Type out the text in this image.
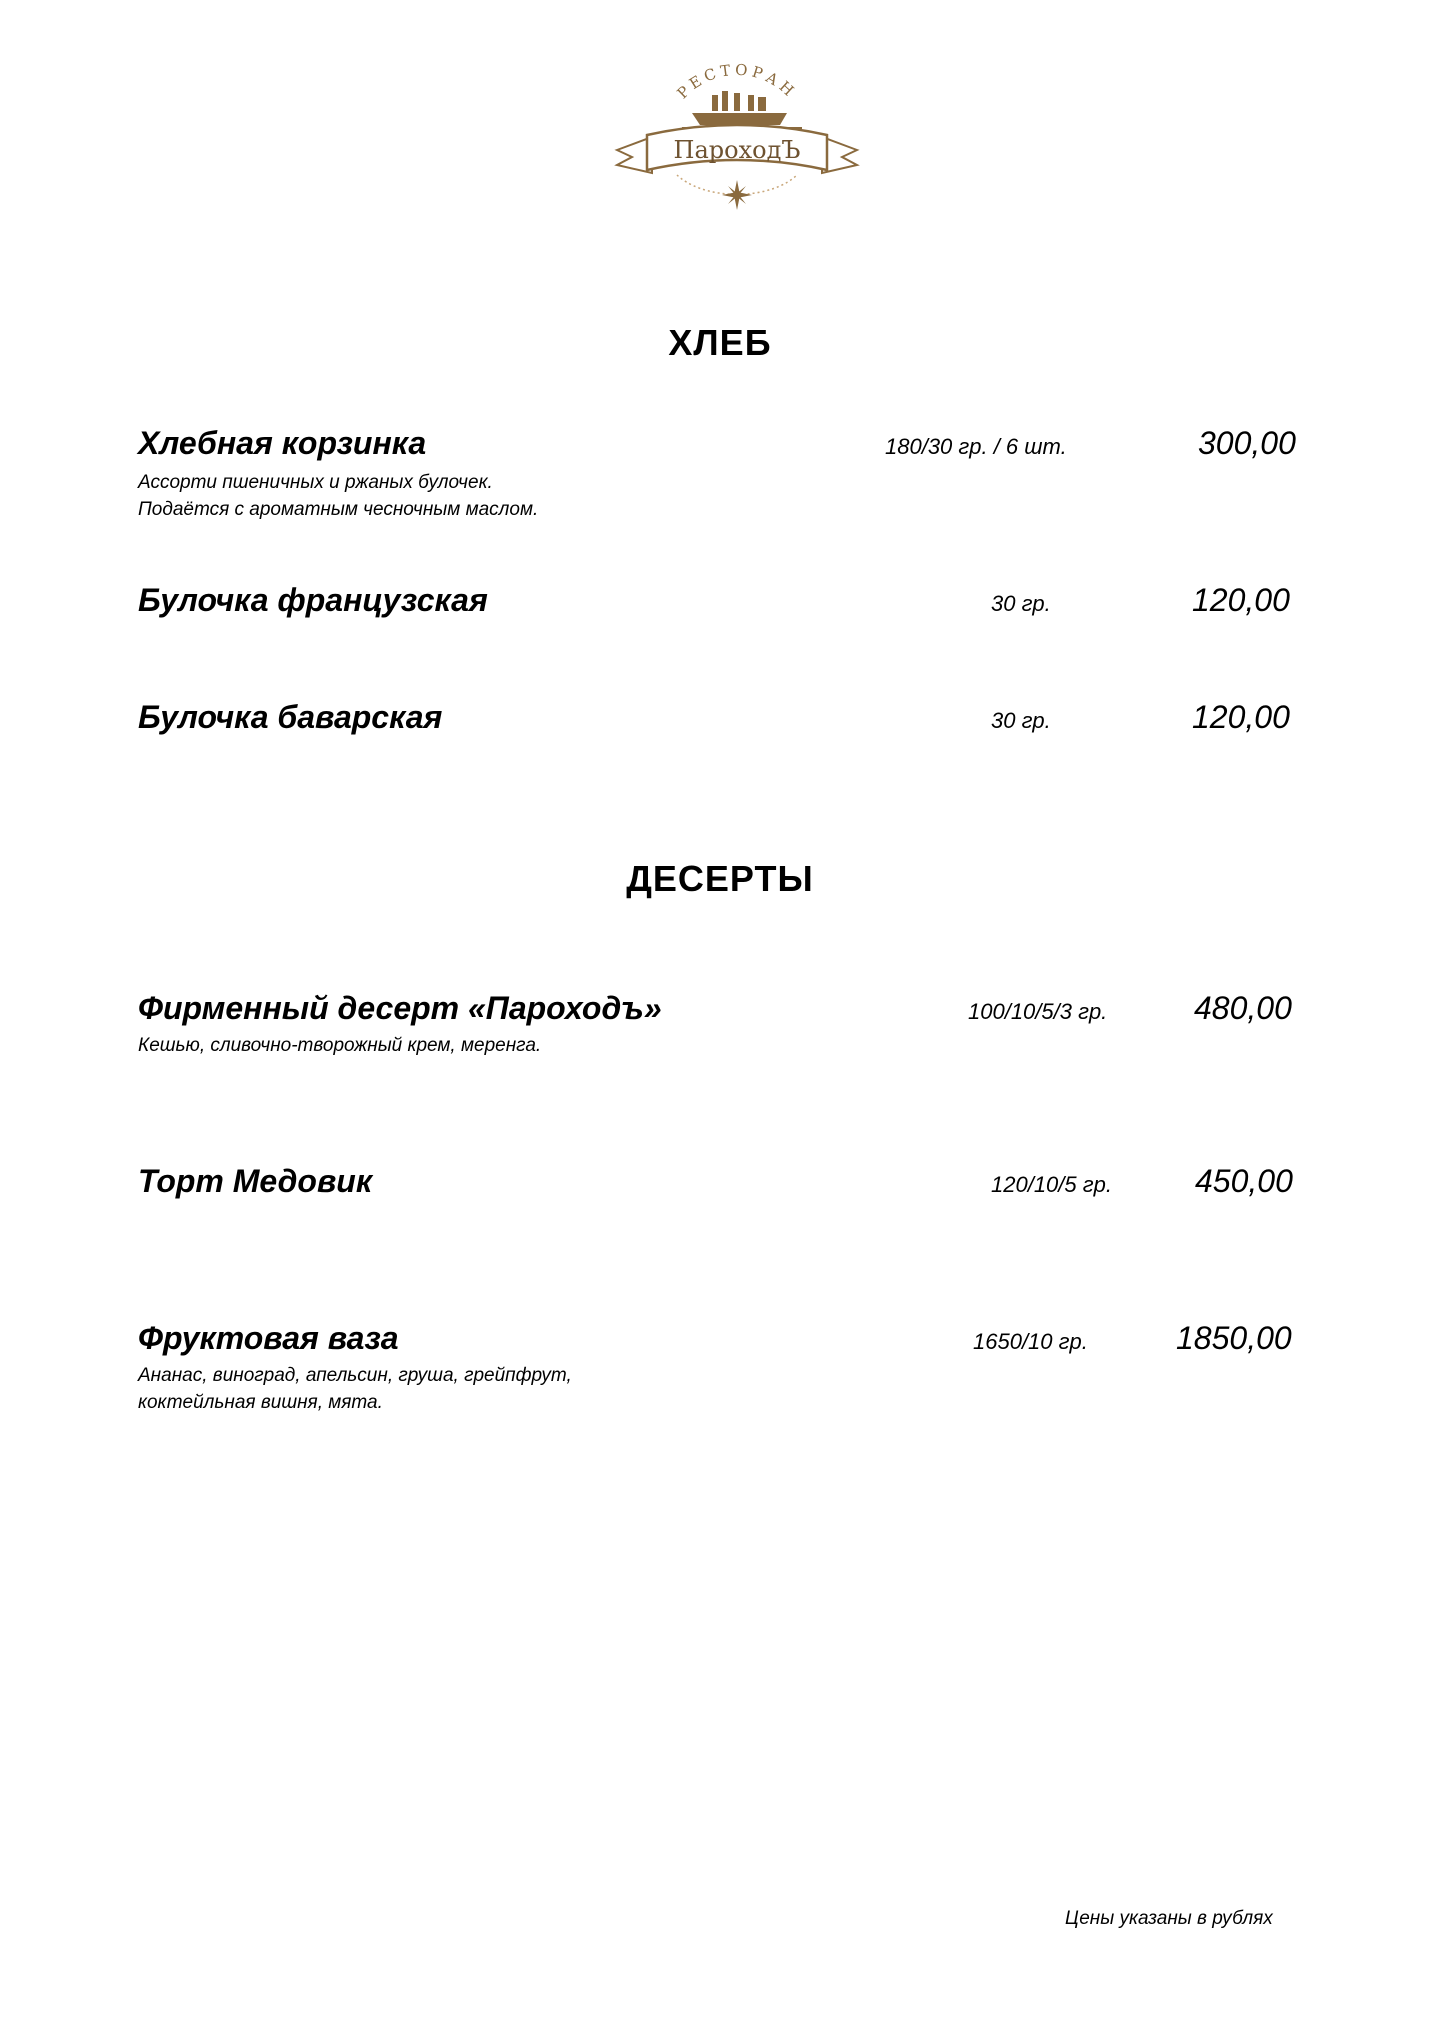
РЕСТОРАН
ПароходЪ
ХЛЕБ
Хлебная корзинка
Ассорти пшеничных и ржаных булочек.
Подаётся с ароматным чесночным маслом.
180/30 гр. / 6 шт.	300,00
Булочка французская	30 гр.	120,00
Булочка баварская	30 гр.	120,00
ДЕСЕРТЫ
Фирменный десерт «Пароходъ»
Кешью, сливочно-творожный крем, меренга.
100/10/5/3 гр.	480,00
Торт Медовик	120/10/5 гр.	450,00
Фруктовая ваза
Ананас, виноград, апельсин, груша, грейпфрут,
коктейльная вишня, мята.
1650/10 гр.	1850,00
Цены указаны в рублях
